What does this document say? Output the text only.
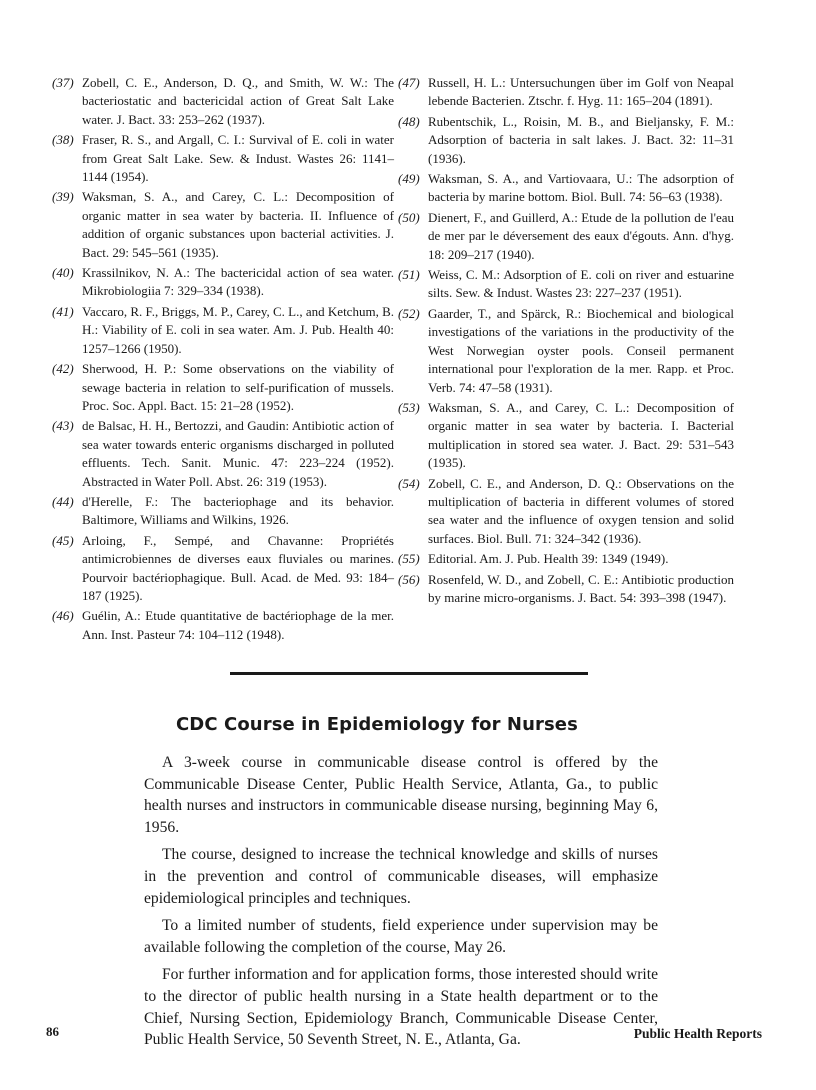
(37) Zobell, C. E., Anderson, D. Q., and Smith, W. W.: The bacteriostatic and bactericidal action of Great Salt Lake water. J. Bact. 33: 253–262 (1937).
(38) Fraser, R. S., and Argall, C. I.: Survival of E. coli in water from Great Salt Lake. Sew. & Indust. Wastes 26: 1141–1144 (1954).
(39) Waksman, S. A., and Carey, C. L.: Decomposition of organic matter in sea water by bacteria. II. Influence of addition of organic substances upon bacterial activities. J. Bact. 29: 545–561 (1935).
(40) Krassilnikov, N. A.: The bactericidal action of sea water. Mikrobiologiia 7: 329–334 (1938).
(41) Vaccaro, R. F., Briggs, M. P., Carey, C. L., and Ketchum, B. H.: Viability of E. coli in sea water. Am. J. Pub. Health 40: 1257–1266 (1950).
(42) Sherwood, H. P.: Some observations on the viability of sewage bacteria in relation to self-purification of mussels. Proc. Soc. Appl. Bact. 15: 21–28 (1952).
(43) de Balsac, H. H., Bertozzi, and Gaudin: Antibiotic action of sea water towards enteric organisms discharged in polluted effluents. Tech. Sanit. Munic. 47: 223–224 (1952). Abstracted in Water Poll. Abst. 26: 319 (1953).
(44) d'Herelle, F.: The bacteriophage and its behavior. Baltimore, Williams and Wilkins, 1926.
(45) Arloing, F., Sempé, and Chavanne: Propriétés antimicrobiennes de diverses eaux fluviales ou marines. Pourvoir bactériophagique. Bull. Acad. de Med. 93: 184–187 (1925).
(46) Guélin, A.: Etude quantitative de bactériophage de la mer. Ann. Inst. Pasteur 74: 104–112 (1948).
(47) Russell, H. L.: Untersuchungen über im Golf von Neapal lebende Bacterien. Ztschr. f. Hyg. 11: 165–204 (1891).
(48) Rubentschik, L., Roisin, M. B., and Bieljansky, F. M.: Adsorption of bacteria in salt lakes. J. Bact. 32: 11–31 (1936).
(49) Waksman, S. A., and Vartiovaara, U.: The adsorption of bacteria by marine bottom. Biol. Bull. 74: 56–63 (1938).
(50) Dienert, F., and Guillerd, A.: Etude de la pollution de l'eau de mer par le déversement des eaux d'égouts. Ann. d'hyg. 18: 209–217 (1940).
(51) Weiss, C. M.: Adsorption of E. coli on river and estuarine silts. Sew. & Indust. Wastes 23: 227–237 (1951).
(52) Gaarder, T., and Spärck, R.: Biochemical and biological investigations of the variations in the productivity of the West Norwegian oyster pools. Conseil permanent international pour l'exploration de la mer. Rapp. et Proc. Verb. 74: 47–58 (1931).
(53) Waksman, S. A., and Carey, C. L.: Decomposition of organic matter in sea water by bacteria. I. Bacterial multiplication in stored sea water. J. Bact. 29: 531–543 (1935).
(54) Zobell, C. E., and Anderson, D. Q.: Observations on the multiplication of bacteria in different volumes of stored sea water and the influence of oxygen tension and solid surfaces. Biol. Bull. 71: 324–342 (1936).
(55) Editorial. Am. J. Pub. Health 39: 1349 (1949).
(56) Rosenfeld, W. D., and Zobell, C. E.: Antibiotic production by marine micro-organisms. J. Bact. 54: 393–398 (1947).
CDC Course in Epidemiology for Nurses

A 3-week course in communicable disease control is offered by the Communicable Disease Center, Public Health Service, Atlanta, Ga., to public health nurses and instructors in communicable disease nursing, beginning May 6, 1956.

The course, designed to increase the technical knowledge and skills of nurses in the prevention and control of communicable diseases, will emphasize epidemiological principles and techniques.

To a limited number of students, field experience under supervision may be available following the completion of the course, May 26.

For further information and for application forms, those interested should write to the director of public health nursing in a State health department or to the Chief, Nursing Section, Epidemiology Branch, Communicable Disease Center, Public Health Service, 50 Seventh Street, N. E., Atlanta, Ga.

86	Public Health Reports
